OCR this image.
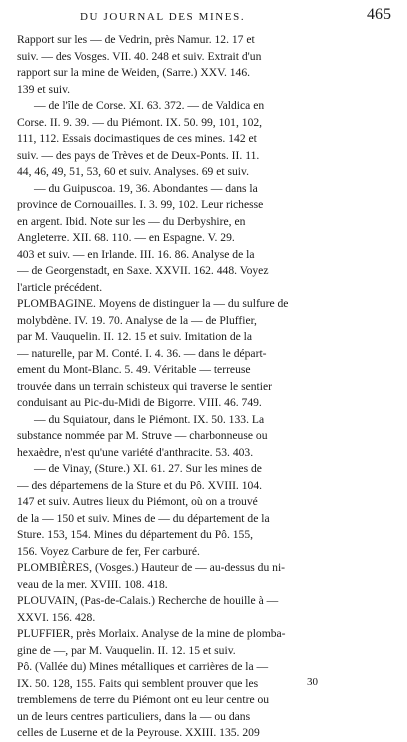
DU JOURNAL DES MINES.	465
Rapport sur les — de Vedrin, près Namur. 12. 17 et
suiv. — des Vosges. VII. 40. 248 et suiv. Extrait d'un
rapport sur la mine de Weiden, (Sarre.) XXV. 146.
139 et suiv.
— de l'île de Corse. XI. 63. 372. — de Valdica en
Corse. II. 9. 39. — du Piémont. IX. 50. 99, 101, 102,
111, 112. Essais docimastiques de ces mines. 142 et
suiv. — des pays de Trèves et de Deux-Ponts. II. 11.
44, 46, 49, 51, 53, 60 et suiv. Analyses. 69 et suiv.
— du Guipuscoa. 19, 36. Abondantes — dans la
province de Cornouailles. I. 3. 99, 102. Leur richesse
en argent. Ibid. Note sur les — du Derbyshire, en
Angleterre. XII. 68. 110. — en Espagne. V. 29.
403 et suiv. — en Irlande. III. 16. 86. Analyse de la
— de Georgenstadt, en Saxe. XXVII. 162. 448. Voyez
l'article précédent.
PLOMBAGINE. Moyens de distinguer la — du sulfure de
molybdène. IV. 19. 70. Analyse de la — de Pluffier,
par M. Vauquelin. II. 12. 15 et suiv. Imitation de la
— naturelle, par M. Conté. I. 4. 36. — dans le départ-
ement du Mont-Blanc. 5. 49. Véritable — terreuse
trouvée dans un terrain schisteux qui traverse le sentier
conduisant au Pic-du-Midi de Bigorre. VIII. 46. 749.
— du Squiatour, dans le Piémont. IX. 50. 133. La
substance nommée par M. Struve — charbonneuse ou
hexaèdre, n'est qu'une variété d'anthracite. 53. 403.
— de Vinay, (Sture.) XI. 61. 27. Sur les mines de
— des départemens de la Sture et du Pô. XVIII. 104.
147 et suiv. Autres lieux du Piémont, où on a trouvé
de la — 150 et suiv. Mines de — du département de la
Sture. 153, 154. Mines du département du Pô. 155,
156. Voyez Carbure de fer, Fer carburé.
PLOMBIÈRES, (Vosges.) Hauteur de — au-dessus du ni-
veau de la mer. XVIII. 108. 418.
PLOUVAIN, (Pas-de-Calais.) Recherche de houille à —
XXVI. 156. 428.
PLUFFIER, près Morlaix. Analyse de la mine de plomba-
gine de —, par M. Vauquelin. II. 12. 15 et suiv.
Pô. (Vallée du) Mines métalliques et carrières de la —
IX. 50. 128, 155. Faits qui semblent prouver que les
tremblemens de terre du Piémont ont eu leur centre ou
un de leurs centres particuliers, dans la — ou dans
celles de Luserne et de la Peyrouse. XXIII. 135. 209
30
